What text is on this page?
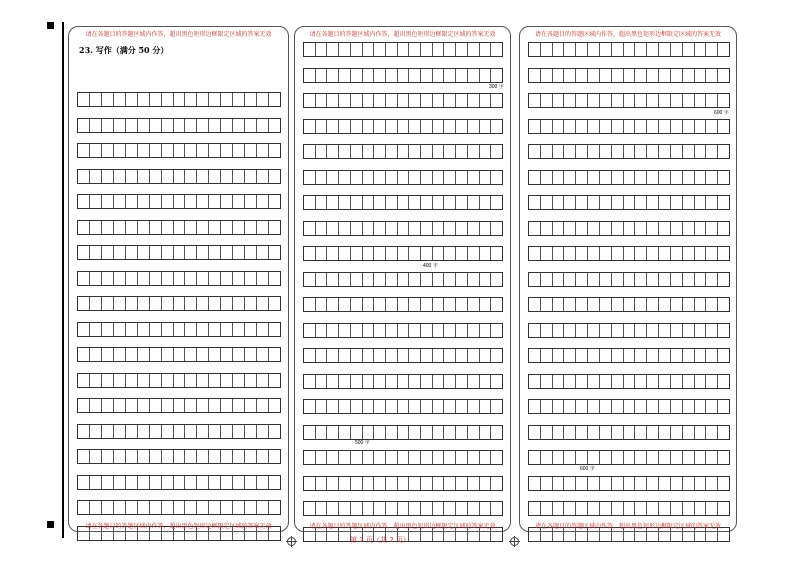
请在各题目的答题区域内作答，超出黑色矩形边框限定区域的答案无效
23. 写作（满分 50 分）
请在各题目的答题区域内作答，超出黑色矩形边框限定区域的答案无效
请在各题目的答题区域内作答，超出黑色矩形边框限定区域的答案无效
300 字
400 字
500 字
请在各题目的答题区域内作答，超出黑色矩形边框限定区域的答案无效
请在各题目的答题区域内作答，超出黑色矩形边框限定区域的答案无效
600 字
600 字
请在各题目的答题区域内作答，超出黑色矩形边框限定区域的答案无效
第 2 页（共 2 页）
